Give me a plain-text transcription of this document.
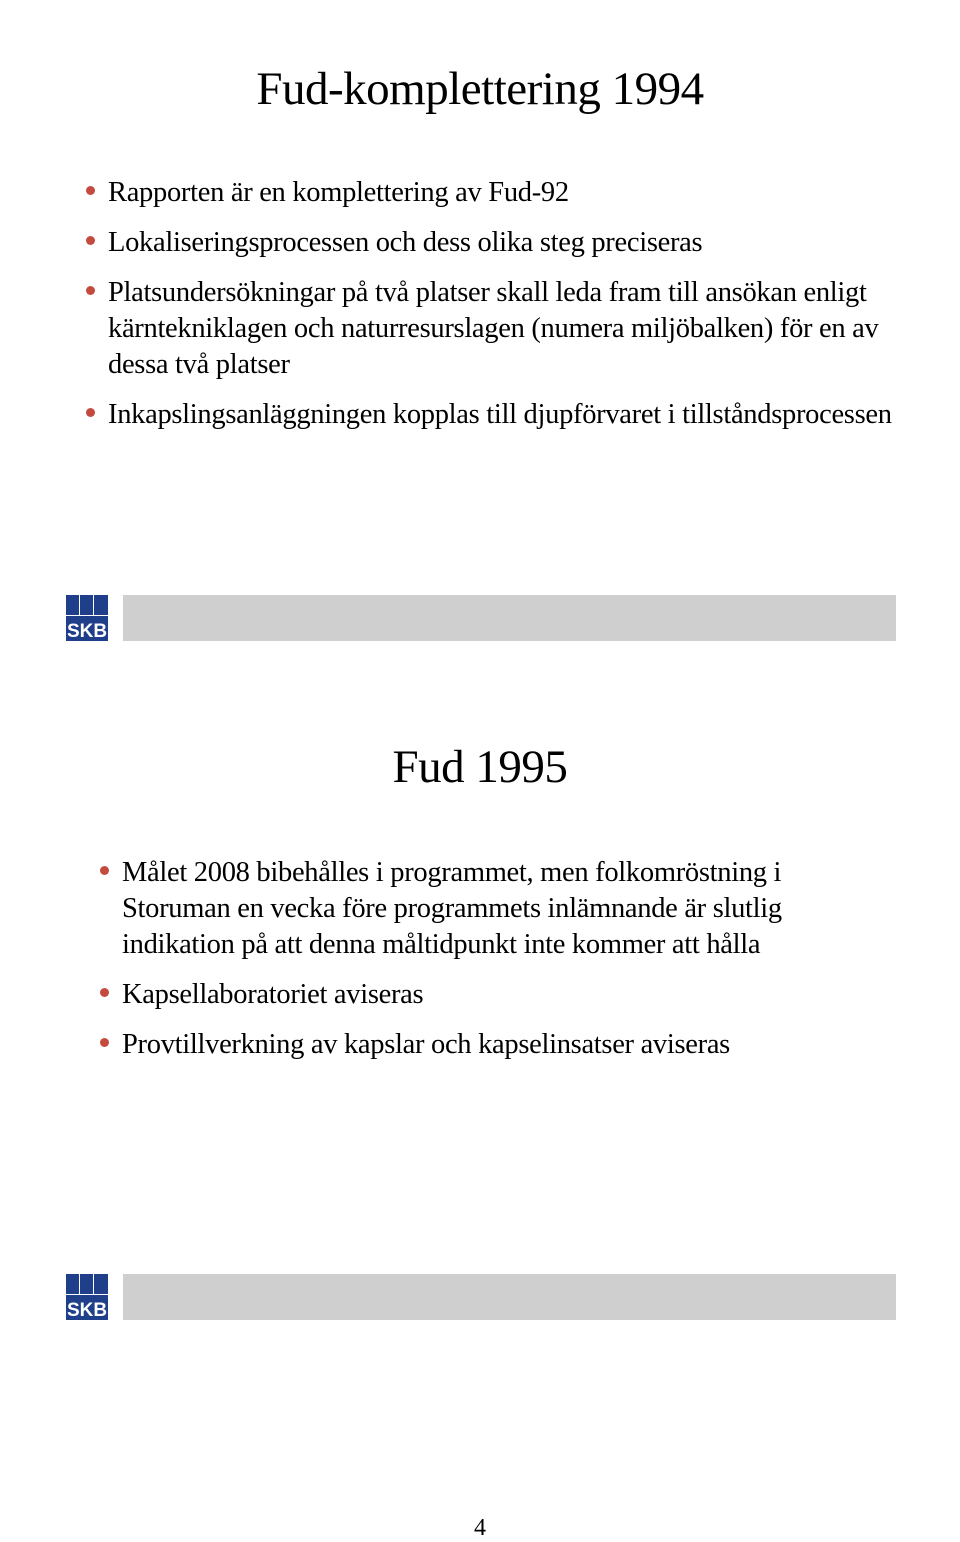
Fud-komplettering 1994
Rapporten är en komplettering av Fud-92
Lokaliseringsprocessen och dess olika steg preciseras
Platsundersökningar på två platser skall leda fram till ansökan enligt kärntekniklagen och naturresurslagen (numera miljöbalken) för en av dessa två platser
Inkapslingsanläggningen kopplas till djupförvaret i tillståndsprocessen
SKB
Fud 1995
Målet 2008 bibehålles i programmet, men folkomröstning i Storuman en vecka före programmets inlämnande är slutlig indikation på att denna måltidpunkt inte kommer att hålla
Kapsellaboratoriet aviseras
Provtillverkning av kapslar och kapselinsatser aviseras
SKB
4
